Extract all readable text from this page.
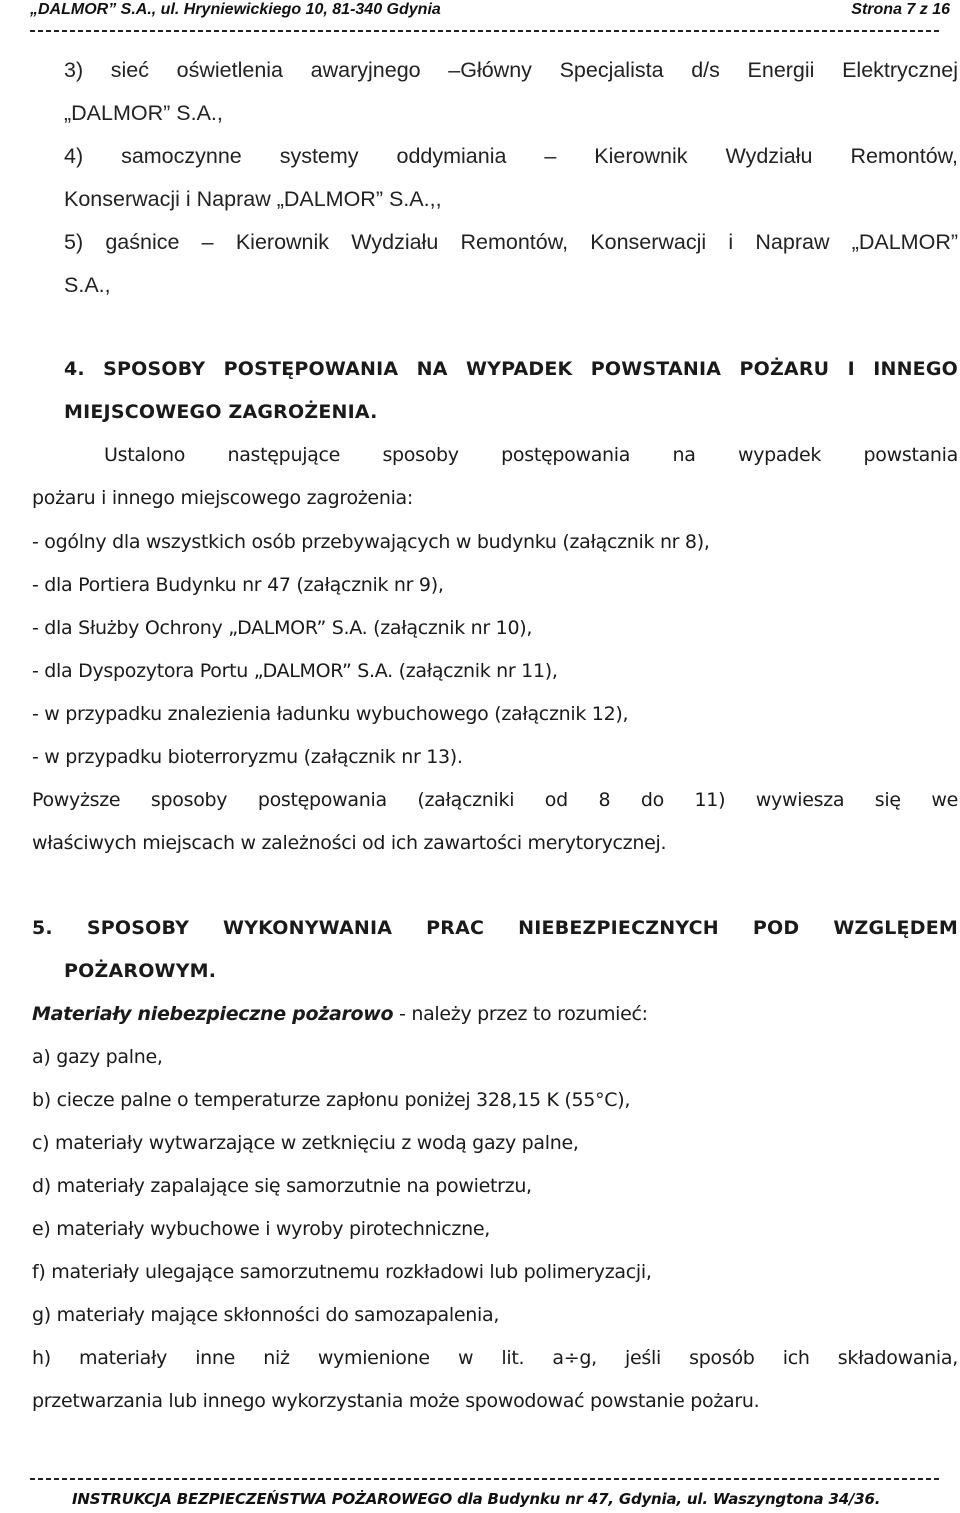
„DALMOR” S.A., ul. Hryniewickiego 10, 81-340 Gdynia	Strona 7 z 16
3) sieć oświetlenia awaryjnego –Główny Specjalista d/s Energii Elektrycznej
„DALMOR” S.A.,
4) samoczynne systemy oddymiania – Kierownik Wydziału Remontów,
Konserwacji i Napraw „DALMOR” S.A.,,
5) gaśnice – Kierownik Wydziału Remontów, Konserwacji i Napraw „DALMOR”
S.A.,
4. SPOSOBY POSTĘPOWANIA NA WYPADEK POWSTANIA POŻARU I INNEGO
MIEJSCOWEGO ZAGROŻENIA.
Ustalono następujące sposoby postępowania na wypadek powstania
pożaru i innego miejscowego zagrożenia:
- ogólny dla wszystkich osób przebywających w budynku (załącznik nr 8),
- dla Portiera Budynku nr 47 (załącznik nr 9),
- dla Służby Ochrony „DALMOR” S.A. (załącznik nr 10),
- dla Dyspozytora Portu „DALMOR” S.A. (załącznik nr 11),
- w przypadku znalezienia ładunku wybuchowego (załącznik 12),
- w przypadku bioterroryzmu (załącznik nr 13).
Powyższe sposoby postępowania (załączniki od 8 do 11) wywiesza się we
właściwych miejscach w zależności od ich zawartości merytorycznej.
5. SPOSOBY WYKONYWANIA PRAC NIEBEZPIECZNYCH POD WZGLĘDEM
POŻAROWYM.
Materiały niebezpieczne pożarowo - należy przez to rozumieć:
a) gazy palne,
b) ciecze palne o temperaturze zapłonu poniżej 328,15 K (55°C),
c) materiały wytwarzające w zetknięciu z wodą gazy palne,
d) materiały zapalające się samorzutnie na powietrzu,
e) materiały wybuchowe i wyroby pirotechniczne,
f) materiały ulegające samorzutnemu rozkładowi lub polimeryzacji,
g) materiały mające skłonności do samozapalenia,
h) materiały inne niż wymienione w lit. a÷g, jeśli sposób ich składowania,
przetwarzania lub innego wykorzystania może spowodować powstanie pożaru.
INSTRUKCJA BEZPIECZEŃSTWA POŻAROWEGO dla Budynku nr 47, Gdynia, ul. Waszyngtona 34/36.
